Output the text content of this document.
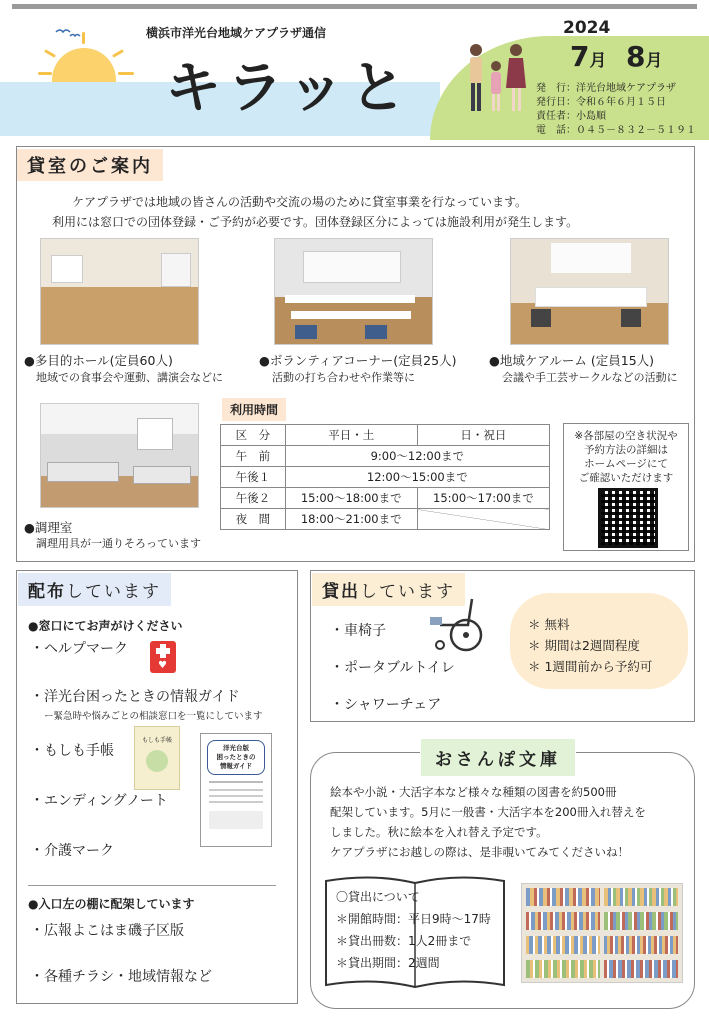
横浜市洋光台地域ケアプラザ通信
キラッと
2024
7月 8月
発　行：洋光台地域ケアプラザ
発行日：令和６年６月１５日
責任者：小島順
電　話：０４５－８３２－５１９１
貸室のご案内
ケアプラザでは地域の皆さんの活動や交流の場のために貸室事業を行なっています。
利用には窓口での団体登録・ご予約が必要です。団体登録区分によっては施設利用が発生します。
●多目的ホール(定員60人)
地域での食事会や運動、講演会などに
●ボランティアコーナー(定員25人)
活動の打ち合わせや作業等に
●地域ケアルーム (定員15人)
会議や手工芸サークルなどの活動に
●調理室
調理用具が一通りそろっています
利用時間
区　分	平日・土	日・祝日
午　前	9:00～12:00まで	
午後１	12:00～15:00まで	
午後２	15:00～18:00まで	15:00～17:00まで
夜　間	18:00～21:00まで	
※各部屋の空き状況や
予約方法の詳細は
ホームページにて
ご確認いただけます
配布しています
●窓口にてお声がけください
・ヘルプマーク
♥
・洋光台困ったときの情報ガイド
ー緊急時や悩みごとの相談窓口を一覧にしています
・もしも手帳
・エンディングノート
・介護マーク
もしも手帳
洋光台版
困ったときの
情報ガイド
●入口左の棚に配架しています
・広報よこはま磯子区版
・各種チラシ・地域情報など
貸出しています
・車椅子
・ポータブルトイレ
・シャワーチェア
＊ 無料
＊ 期間は2週間程度
＊ 1週間前から予約可
おさんぽ文庫
絵本や小説・大活字本など様々な種類の図書を約500冊
配架しています。5月に一般書・大活字本を200冊入れ替えを
しました。秋に絵本を入れ替え予定です。
ケアプラザにお越しの際は、是非覗いてみてくださいね！
〇貸出について
＊開館時間：平日9時～17時
＊貸出冊数：1人2冊まで
＊貸出期間：2週間
